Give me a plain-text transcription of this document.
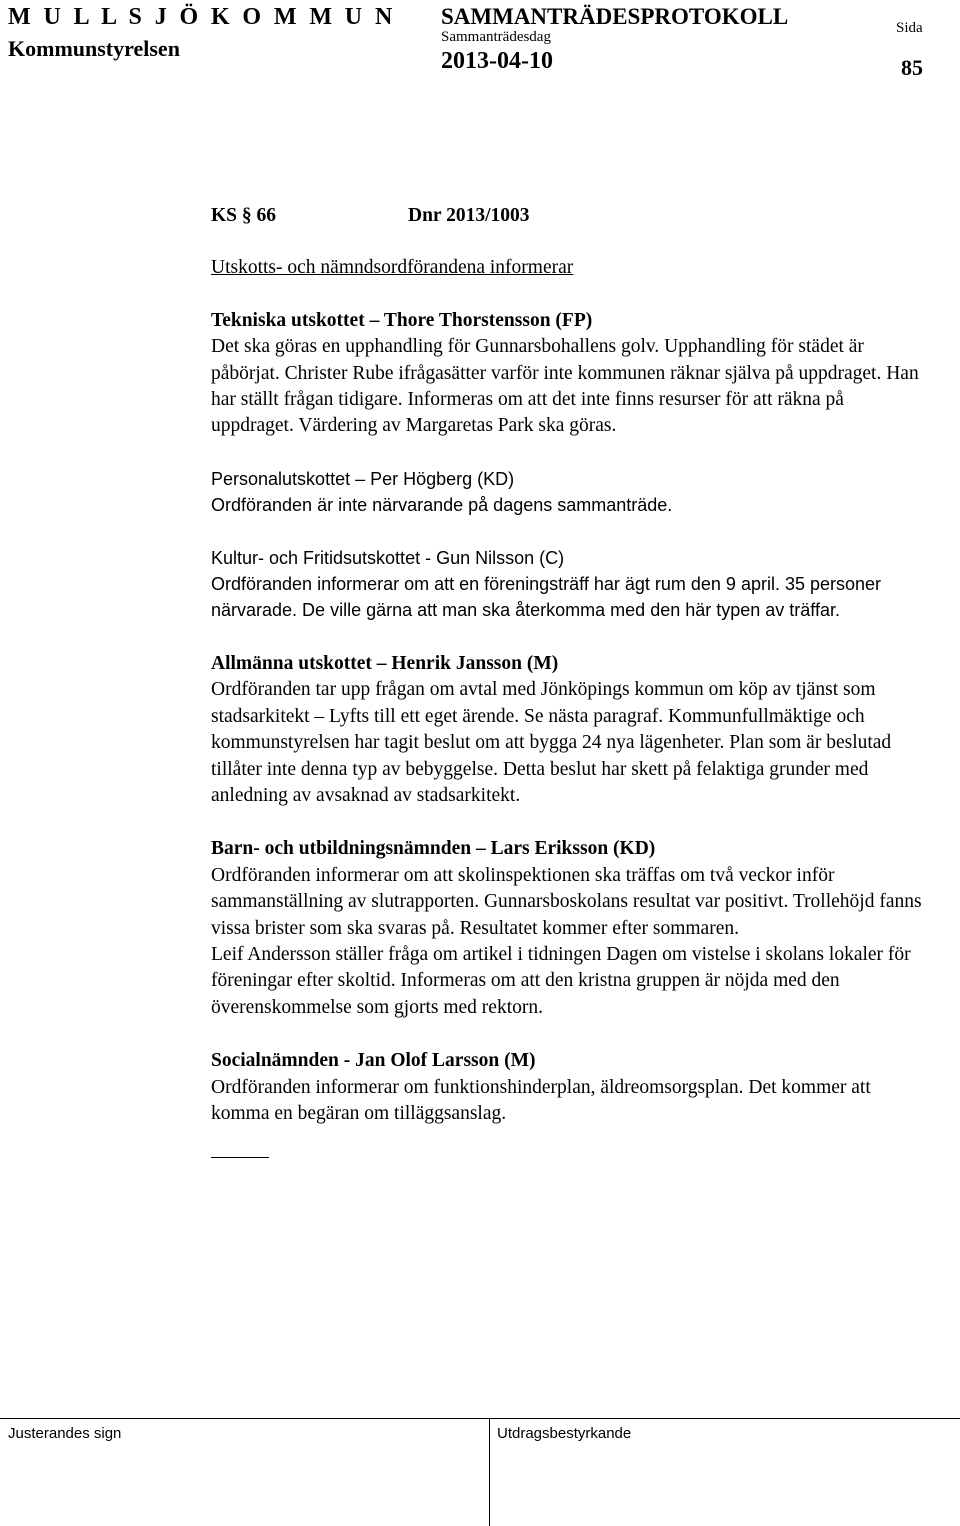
M U L L S J Ö K O M M U N
Kommunstyrelsen
SAMMANTRÄDESPROTOKOLL
Sammanträdesdag
2013-04-10
Sida
85

KS § 66	Dnr 2013/1003

Utskotts- och nämndsordförandena informerar

Tekniska utskottet – Thore Thorstensson (FP)

Det ska göras en upphandling för Gunnarsbohallens golv. Upphandling för städet är påbörjat. Christer Rube ifrågasätter varför inte kommunen räknar själva på uppdraget. Han har ställt frågan tidigare. Informeras om att det inte finns resurser för att räkna på uppdraget. Värdering av Margaretas Park ska göras.

Personalutskottet – Per Högberg (KD)

Ordföranden är inte närvarande på dagens sammanträde.

Kultur- och Fritidsutskottet - Gun Nilsson (C)

Ordföranden informerar om att en föreningsträff har ägt rum den 9 april. 35 personer närvarade. De ville gärna att man ska återkomma med den här typen av träffar.

Allmänna utskottet – Henrik Jansson (M)

Ordföranden tar upp frågan om avtal med Jönköpings kommun om köp av tjänst som stadsarkitekt – Lyfts till ett eget ärende. Se nästa paragraf. Kommunfullmäktige och kommunstyrelsen har tagit beslut om att bygga 24 nya lägenheter. Plan som är beslutad tillåter inte denna typ av bebyggelse. Detta beslut har skett på felaktiga grunder med anledning av avsaknad av stadsarkitekt.

Barn- och utbildningsnämnden – Lars Eriksson (KD)

Ordföranden informerar om att skolinspektionen ska träffas om två veckor inför sammanställning av slutrapporten. Gunnarsboskolans resultat var positivt. Trollehöjd fanns vissa brister som ska svaras på. Resultatet kommer efter sommaren.

Leif Andersson ställer fråga om artikel i tidningen Dagen om vistelse i skolans lokaler för föreningar efter skoltid. Informeras om att den kristna gruppen är nöjda med den överenskommelse som gjorts med rektorn.

Socialnämnden - Jan Olof Larsson (M)

Ordföranden informerar om funktionshinderplan, äldreomsorgsplan. Det kommer att komma en begäran om tilläggsanslag.

Justerandes sign	Utdragsbestyrkande
